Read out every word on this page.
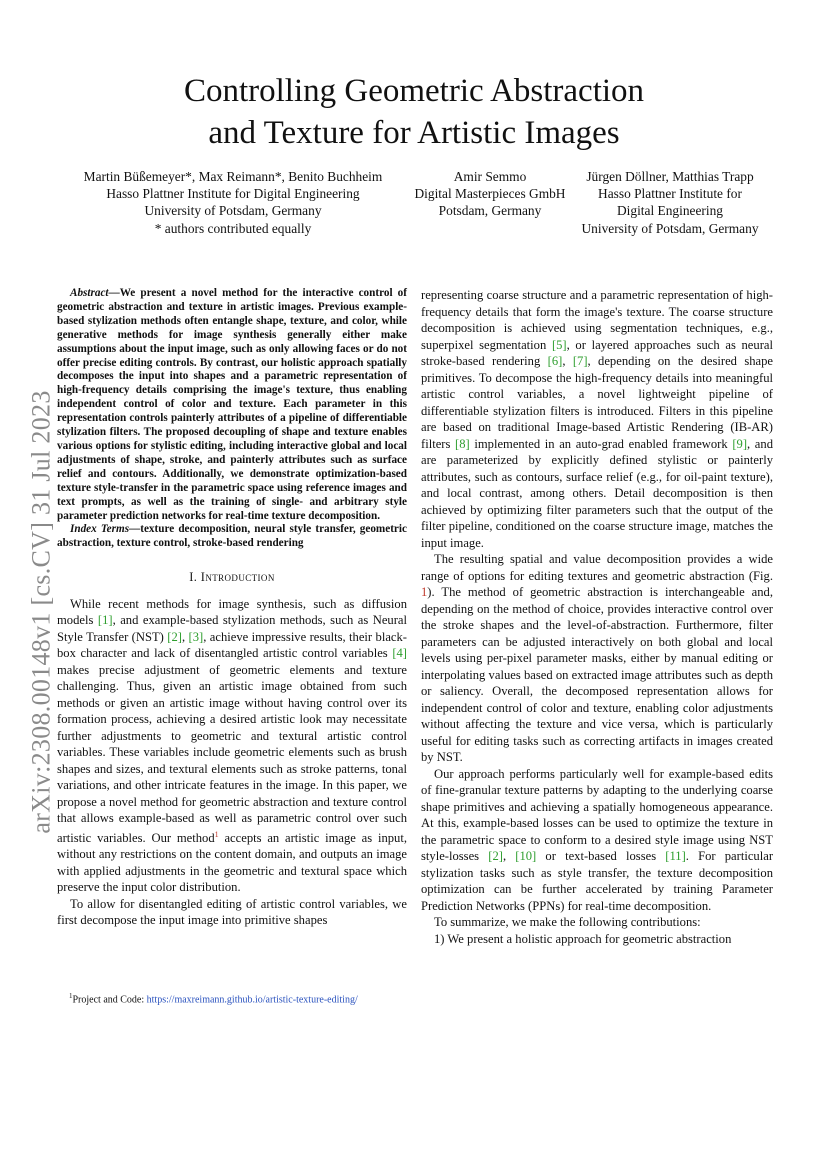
arXiv:2308.00148v1 [cs.CV] 31 Jul 2023
Controlling Geometric Abstraction
and Texture for Artistic Images
Martin Büßemeyer*, Max Reimann*, Benito Buchheim
Hasso Plattner Institute for Digital Engineering
University of Potsdam, Germany
* authors contributed equally
Amir Semmo
Digital Masterpieces GmbH
Potsdam, Germany
Jürgen Döllner, Matthias Trapp
Hasso Plattner Institute for
Digital Engineering
University of Potsdam, Germany

Abstract—We present a novel method for the interactive control of geometric abstraction and texture in artistic images. Previous example-based stylization methods often entangle shape, texture, and color, while generative methods for image synthesis generally either make assumptions about the input image, such as only allowing faces or do not offer precise editing controls. By contrast, our holistic approach spatially decomposes the input into shapes and a parametric representation of high-frequency details comprising the image's texture, thus enabling independent control of color and texture. Each parameter in this representation controls painterly attributes of a pipeline of differentiable stylization filters. The proposed decoupling of shape and texture enables various options for stylistic editing, including interactive global and local adjustments of shape, stroke, and painterly attributes such as surface relief and contours. Additionally, we demonstrate optimization-based texture style-transfer in the parametric space using reference images and text prompts, as well as the training of single- and arbitrary style parameter prediction networks for real-time texture decomposition.

Index Terms—texture decomposition, neural style transfer, geometric abstraction, texture control, stroke-based rendering

I. Introduction

While recent methods for image synthesis, such as diffusion models [1], and example-based stylization methods, such as Neural Style Transfer (NST) [2], [3], achieve impressive results, their black-box character and lack of disentangled artistic control variables [4] makes precise adjustment of geometric elements and texture challenging. Thus, given an artistic image obtained from such methods or given an artistic image without having control over its formation process, achieving a desired artistic look may necessitate further adjustments to geometric and textural artistic control variables. These variables include geometric elements such as brush shapes and sizes, and textural elements such as stroke patterns, tonal variations, and other intricate features in the image. In this paper, we propose a novel method for geometric abstraction and texture control that allows example-based as well as parametric control over such artistic variables. Our method$^1$ accepts an artistic image as input, without any restrictions on the content domain, and outputs an image with applied adjustments in the geometric and textural space which preserve the input color distribution.

To allow for disentangled editing of artistic control variables, we first decompose the input image into primitive shapes

$^1$Project and Code: https://maxreimann.github.io/artistic-texture-editing/

representing coarse structure and a parametric representation of high-frequency details that form the image's texture. The coarse structure decomposition is achieved using segmentation techniques, e.g., superpixel segmentation [5], or layered approaches such as neural stroke-based rendering [6], [7], depending on the desired shape primitives. To decompose the high-frequency details into meaningful artistic control variables, a novel lightweight pipeline of differentiable stylization filters is introduced. Filters in this pipeline are based on traditional Image-based Artistic Rendering (IB-AR) filters [8] implemented in an auto-grad enabled framework [9], and are parameterized by explicitly defined stylistic or painterly attributes, such as contours, surface relief (e.g., for oil-paint texture), and local contrast, among others. Detail decomposition is then achieved by optimizing filter parameters such that the output of the filter pipeline, conditioned on the coarse structure image, matches the input image.

The resulting spatial and value decomposition provides a wide range of options for editing textures and geometric abstraction (Fig. 1). The method of geometric abstraction is interchangeable and, depending on the method of choice, provides interactive control over the stroke shapes and the level-of-abstraction. Furthermore, filter parameters can be adjusted interactively on both global and local levels using per-pixel parameter masks, either by manual editing or interpolating values based on extracted image attributes such as depth or saliency. Overall, the decomposed representation allows for independent control of color and texture, enabling color adjustments without affecting the texture and vice versa, which is particularly useful for editing tasks such as correcting artifacts in images created by NST.

Our approach performs particularly well for example-based edits of fine-granular texture patterns by adapting to the underlying coarse shape primitives and achieving a spatially homogeneous appearance. At this, example-based losses can be used to optimize the texture in the parametric space to conform to a desired style image using NST style-losses [2], [10] or text-based losses [11]. For particular stylization tasks such as style transfer, the texture decomposition optimization can be further accelerated by training Parameter Prediction Networks (PPNs) for real-time decomposition.

To summarize, we make the following contributions:

1) We present a holistic approach for geometric abstraction
